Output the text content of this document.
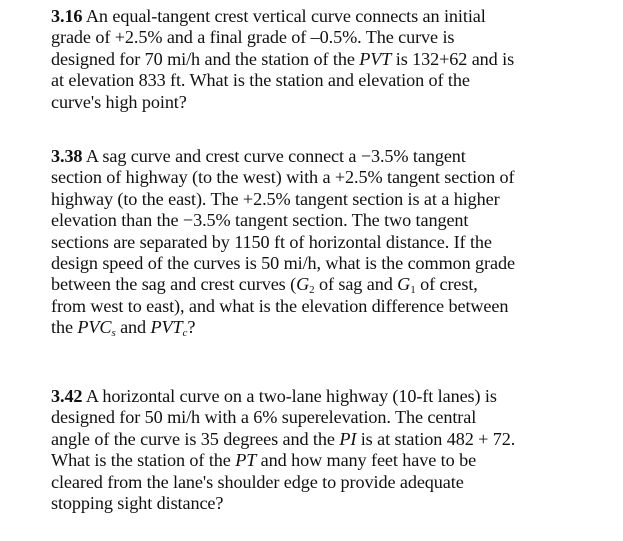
3.16 An equal-tangent crest vertical curve connects an initial
grade of +2.5% and a final grade of –0.5%. The curve is
designed for 70 mi/h and the station of the PVT is 132+62 and is
at elevation 833 ft. What is the station and elevation of the
curve's high point?
3.38 A sag curve and crest curve connect a −3.5% tangent
section of highway (to the west) with a +2.5% tangent section of
highway (to the east). The +2.5% tangent section is at a higher
elevation than the −3.5% tangent section. The two tangent
sections are separated by 1150 ft of horizontal distance. If the
design speed of the curves is 50 mi/h, what is the common grade
between the sag and crest curves ($G_2$ of sag and $G_1$ of crest,
from west to east), and what is the elevation difference between
the $PVC_s$ and $PVT_c$?
3.42 A horizontal curve on a two-lane highway (10-ft lanes) is
designed for 50 mi/h with a 6% superelevation. The central
angle of the curve is 35 degrees and the PI is at station 482 + 72.
What is the station of the PT and how many feet have to be
cleared from the lane's shoulder edge to provide adequate
stopping sight distance?
